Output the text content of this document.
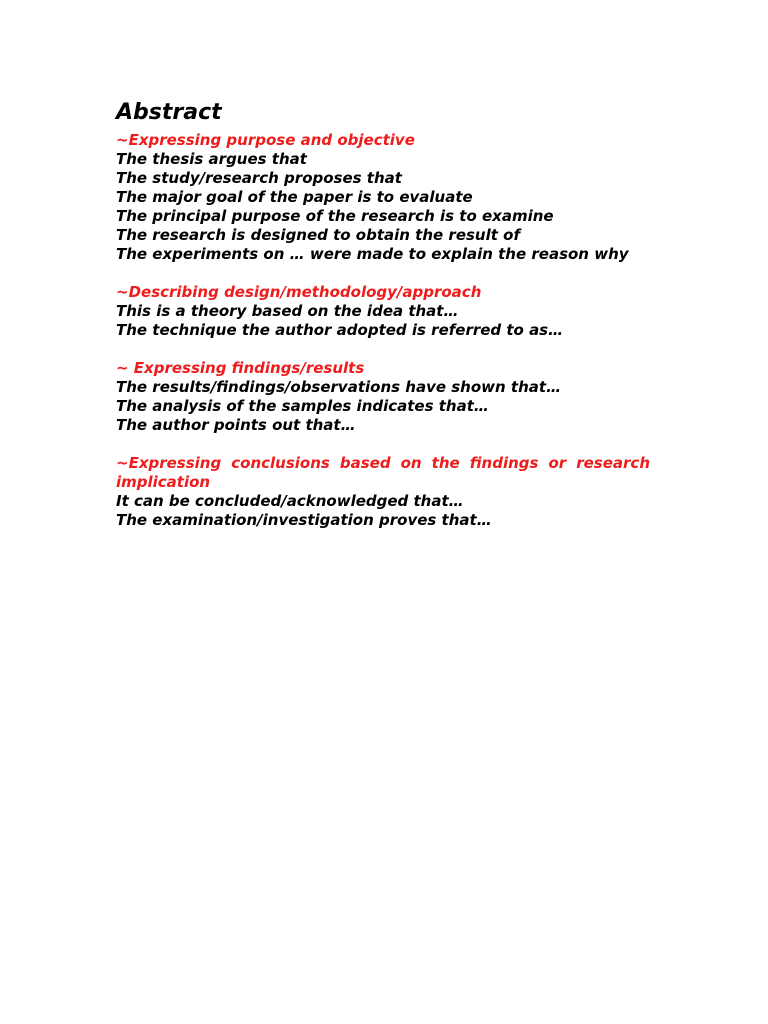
Abstract

~Expressing purpose and objective

The thesis argues that

The study/research proposes that

The major goal of the paper is to evaluate

The principal purpose of the research is to examine

The research is designed to obtain the result of

The experiments on … were made to explain the reason why

~Describing design/methodology/approach

This is a theory based on the idea that…

The technique the author adopted is referred to as…

~ Expressing findings/results

The results/findings/observations have shown that…

The analysis of the samples indicates that…

The author points out that…

~Expressing conclusions based on the findings or research implication

It can be concluded/acknowledged that…

The examination/investigation proves that…
